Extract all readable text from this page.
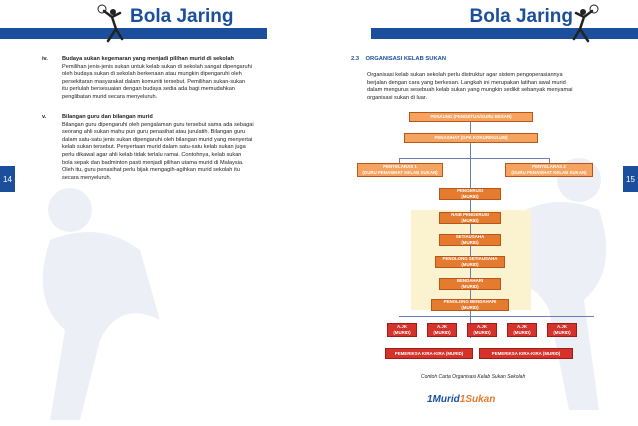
Bola Jaring
14
iv.	Budaya sukan kegemaran yang menjadi pilihan murid di sekolah
Pemilihan jenis-jenis sukan untuk kelab sukan di sekolah sangat dipengaruhi
oleh budaya sukan di sekolah berkenaan atau mungkin dipengaruhi oleh
persekitaran masyarakat dalam komuniti tersebut. Pemilihan sukan-sukan
itu perlulah bersesuaian dengan budaya sedia ada bagi memudahkan
penglibatan murid secara menyeluruh.
v.	Bilangan guru dan bilangan murid
Bilangan guru dipengaruhi oleh pengalaman guru tersebut sama ada sebagai
seorang ahli sukan mahu pun guru penasihat atau jurulatih. Bilangan guru
dalam satu-satu jenis sukan dipengaruhi oleh bilangan murid yang menyertai
kelab sukan tersebut. Penyertaan murid dalam satu-satu kelab sukan juga
perlu dikawal agar ahli kelab tidak terlalu ramai. Contohnya, kelab sukan
bola sepak dan badminton pasti menjadi pilihan utama murid di Malaysia.
Oleh itu, guru penasihat perlu bijak mengagih-agihkan murid sekolah itu
secara menyeluruh.
Bola Jaring
15
2.3 ORGANISASI KELAB SUKAN
Organisasi kelab sukan sekolah perlu distruktur agar sistem pengoperasiannya
berjalan dengan cara yang berkesan. Langkah ini merupakan latihan awal murid
dalam mengurus sesebuah kelab sukan yang mungkin sedikit sebanyak menyamai
organisasi sukan di luar.
PENAUNG (PENGETUA/GURU BESAR)
PENASIHAT (GPK KOKURIKULUM)
PENYELARAS 1
(GURU PENASIHAT KELAB SUKAN)
PENYELARAS 2
(GURU PENASIHAT KELAB SUKAN)
PENGERUSI
(MURID)
NAIB PENGERUSI
(MURID)
SETIAUSAHA
(MURID)
PENOLONG SETIAUSAHA
(MURID)
BENDAHARI
(MURID)
PENOLONG BENDAHARI
(MURID)
A.JK
(MURID)
A.JK
(MURID)
A.JK
(MURID)
A.JK
(MURID)
A.JK
(MURID)
PEMERIKSA KIRA-KIRA (MURID)	PEMERIKSA KIRA-KIRA (MURID)
Contoh Carta Organisasi Kelab Sukan Sekolah
1Murid1Sukan
